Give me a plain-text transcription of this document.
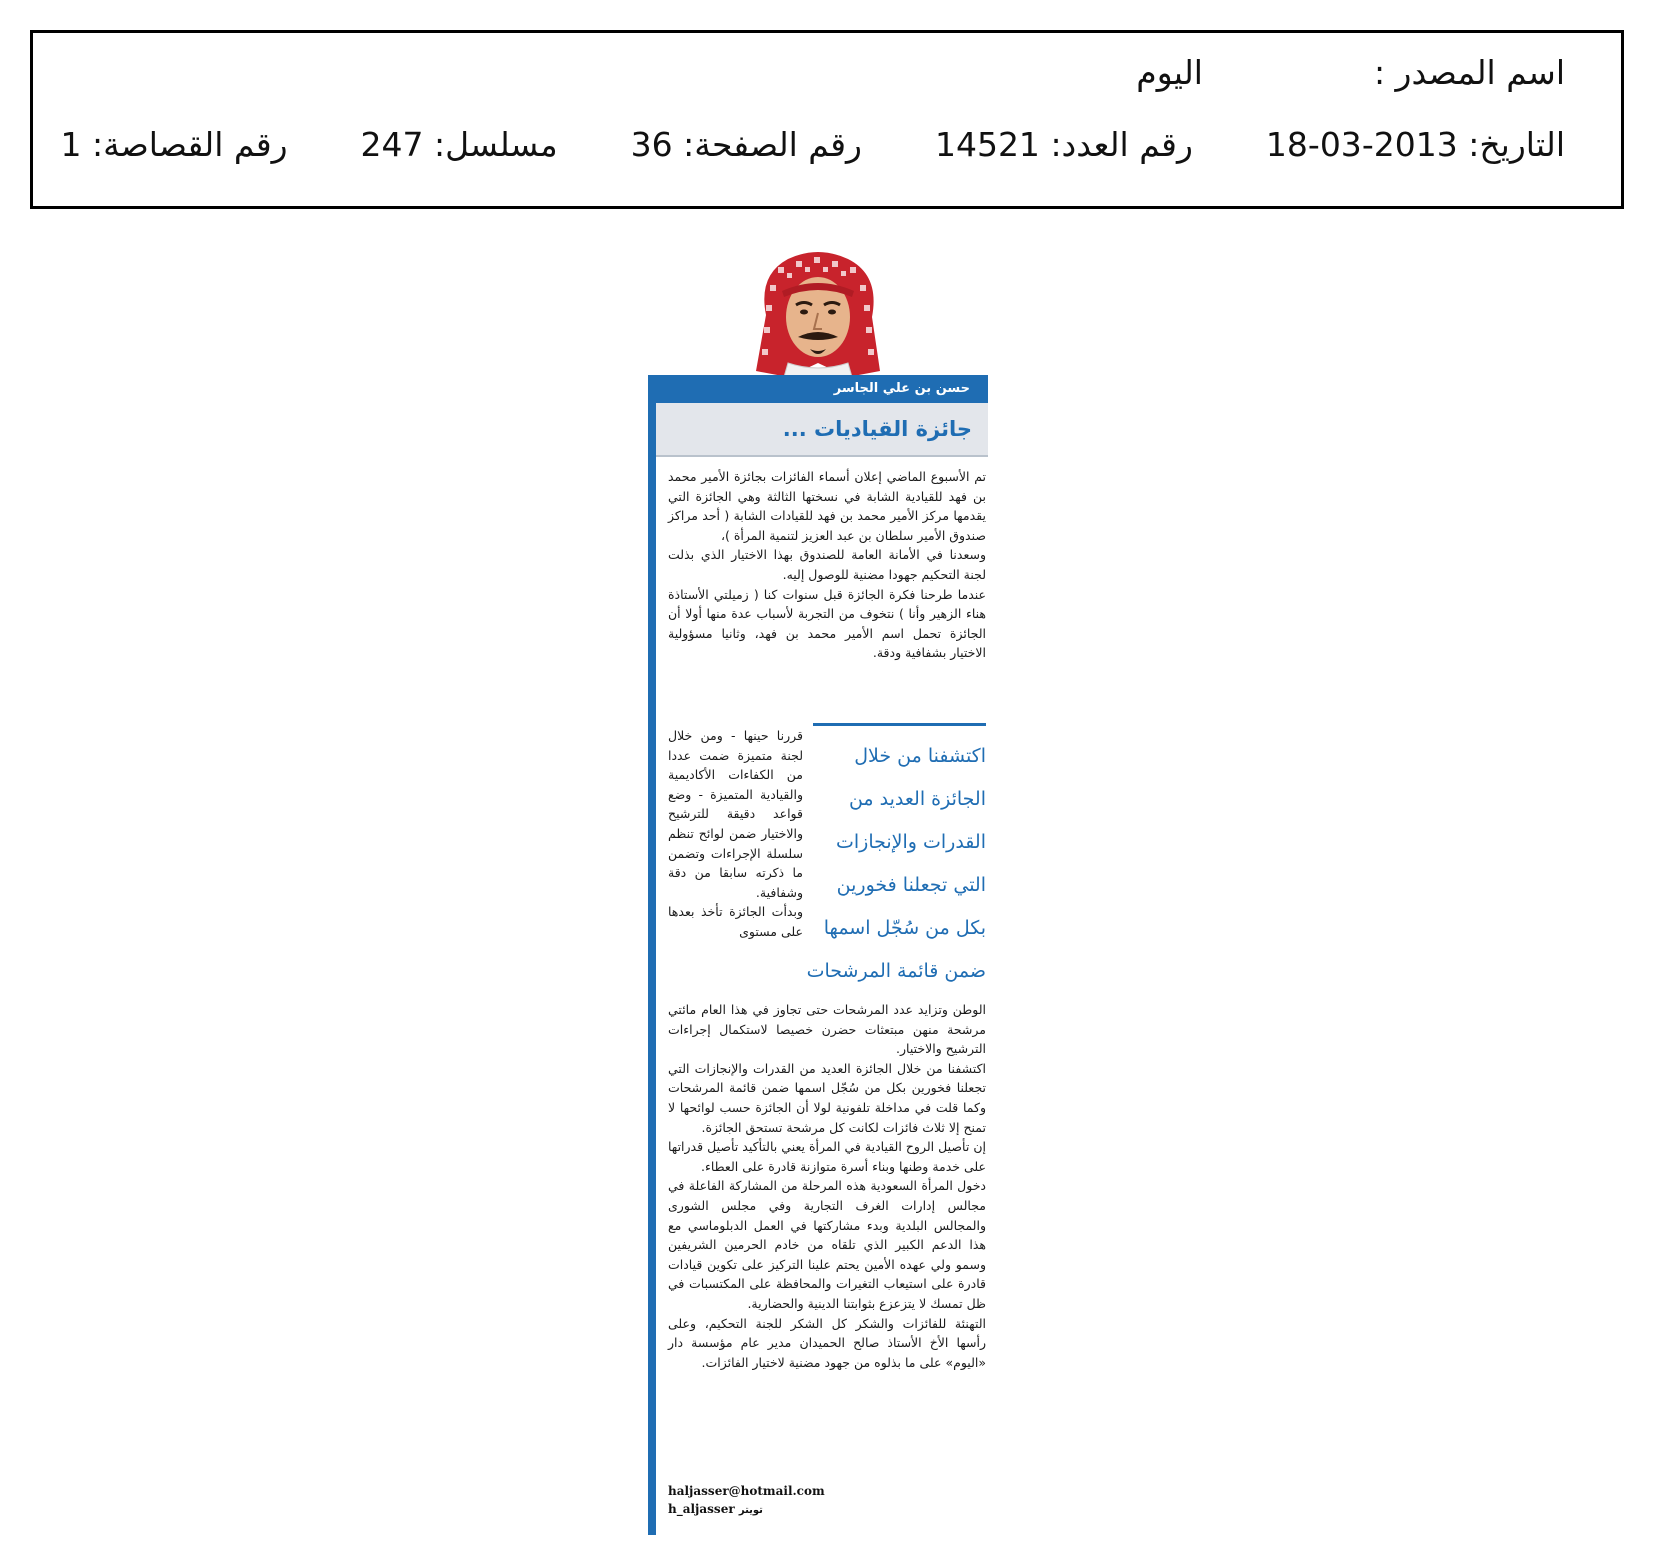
اسم المصدر :  اليوم
التاريخ: 2013-03-18  رقم العدد: 14521  رقم الصفحة: 36  مسلسل: 247  رقم القصاصة: 1
حسن بن علي الجاسر
جائزة القياديات ...

تم الأسبوع الماضي إعلان أسماء الفائزات بجائزة الأمير محمد بن فهد للقيادية الشابة في نسختها الثالثة وهي الجائزة التي يقدمها مركز الأمير محمد بن فهد للقيادات الشابة ( أحد مراكز صندوق الأمير سلطان بن عبد العزيز لتنمية المرأة )،

وسعدنا في الأمانة العامة للصندوق بهذا الاختيار الذي بذلت لجنة التحكيم جهودا مضنية للوصول إليه.

عندما طرحنا فكرة الجائزة قبل سنوات كنا ( زميلتي الأستاذة هناء الزهير وأنا ) نتخوف من التجربة لأسباب عدة منها أولا أن الجائزة تحمل اسم الأمير محمد بن فهد، وثانيا مسؤولية الاختيار بشفافية ودقة.

اكتشفنا من خلال
الجائزة العديد من
القدرات والإنجازات
التي تجعلنا فخورين
بكل من سُجّل اسمها
ضمن قائمة المرشحات

قررنا حينها - ومن خلال لجنة متميزة ضمت عددا من الكفاءات الأكاديمية والقيادية المتميزة - وضع قواعد دقيقة للترشيح والاختيار ضمن لوائح تنظم سلسلة الإجراءات وتضمن ما ذكرته سابقا من دقة وشفافية.

وبدأت الجائزة تأخذ بعدها على مستوى

الوطن وتزايد عدد المرشحات حتى تجاوز في هذا العام مائتي مرشحة منهن مبتعثات حضرن خصيصا لاستكمال إجراءات الترشيح والاختيار.

اكتشفنا من خلال الجائزة العديد من القدرات والإنجازات التي تجعلنا فخورين بكل من سُجّل اسمها ضمن قائمة المرشحات وكما قلت في مداخلة تلفونية لولا أن الجائزة حسب لوائحها لا تمنح إلا ثلاث فائزات لكانت كل مرشحة تستحق الجائزة.

إن تأصيل الروح القيادية في المرأة يعني بالتأكيد تأصيل قدراتها على خدمة وطنها وبناء أسرة متوازنة قادرة على العطاء.

دخول المرأة السعودية هذه المرحلة من المشاركة الفاعلة في مجالس إدارات الغرف التجارية وفي مجلس الشورى والمجالس البلدية وبدء مشاركتها في العمل الدبلوماسي مع هذا الدعم الكبير الذي تلقاه من خادم الحرمين الشريفين وسمو ولي عهده الأمين يحتم علينا التركيز على تكوين قيادات قادرة على استيعاب التغيرات والمحافظة على المكتسبات في ظل تمسك لا يتزعزع بثوابتنا الدينية والحضارية.

التهنئة للفائزات والشكر كل الشكر للجنة التحكيم، وعلى رأسها الأخ الأستاذ صالح الحميدان مدير عام مؤسسة دار «اليوم» على ما بذلوه من جهود مضنية لاختيار الفائزات.

haljasser@hotmail.com
h_aljasser تويتر
